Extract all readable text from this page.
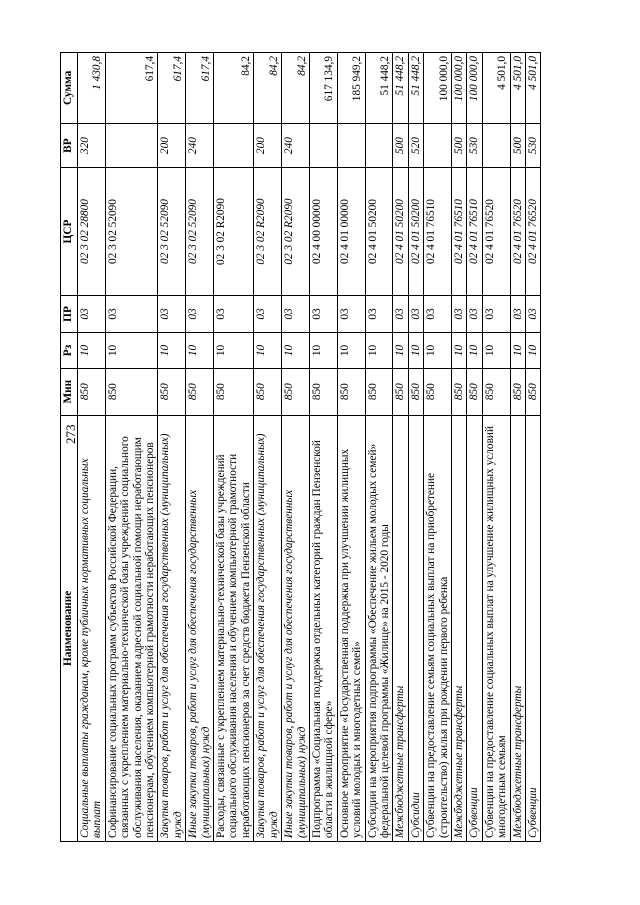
273
Наименование	Мин	Рз	ПР	ЦСР	ВР	Сумма
Социальные выплаты гражданам, кроме публичных нормативных социальных выплат	850	10	03	02 3 02 28800	320	1 430,8
Софинансирование социальных программ субъектов Российской Федерации, связанных с укреплением материально-технической базы учреждений социального обслуживания населения, оказанием адресной социальной помощи неработающим пенсионерам, обучением компьютерной грамотности неработающих пенсионеров	850	10	03	02 3 02 52090		617,4
Закупка товаров, работ и услуг для обеспечения государственных (муниципальных) нужд	850	10	03	02 3 02 52090	200	617,4
Иные закупки товаров, работ и услуг для обеспечения государственных (муниципальных) нужд	850	10	03	02 3 02 52090	240	617,4
Расходы, связанные с укреплением материально-технической базы учреждений социального обслуживания населения и обучением компьютерной грамотности неработающих пенсионеров за счет средств бюджета Пензенской области	850	10	03	02 3 02 R2090		84,2
Закупка товаров, работ и услуг для обеспечения государственных (муниципальных) нужд	850	10	03	02 3 02 R2090	200	84,2
Иные закупки товаров, работ и услуг для обеспечения государственных (муниципальных) нужд	850	10	03	02 3 02 R2090	240	84,2
Подпрограмма «Социальная поддержка отдельных категорий граждан Пензенской области в жилищной сфере»	850	10	03	02 4 00 00000		617 134,9
Основное мероприятие «Государственная поддержка при улучшении жилищных условий молодых и многодетных семей»	850	10	03	02 4 01 00000		185 949,2
Субсидии на мероприятия подпрограммы «Обеспечение жильем молодых семей» федеральной целевой программы «Жилище» на 2015 - 2020 годы	850	10	03	02 4 01 50200		51 448,2
Межбюджетные трансферты	850	10	03	02 4 01 50200	500	51 448,2
Субсидии	850	10	03	02 4 01 50200	520	51 448,2
Субвенции на предоставление семьям социальных выплат на приобретение (строительство) жилья при рождении первого ребенка	850	10	03	02 4 01 76510		100 000,0
Межбюджетные трансферты	850	10	03	02 4 01 76510	500	100 000,0
Субвенции	850	10	03	02 4 01 76510	530	100 000,0
Субвенции на предоставление социальных выплат на улучшение жилищных условий многодетным семьям	850	10	03	02 4 01 76520		4 501,0
Межбюджетные трансферты	850	10	03	02 4 01 76520	500	4 501,0
Субвенции	850	10	03	02 4 01 76520	530	4 501,0
